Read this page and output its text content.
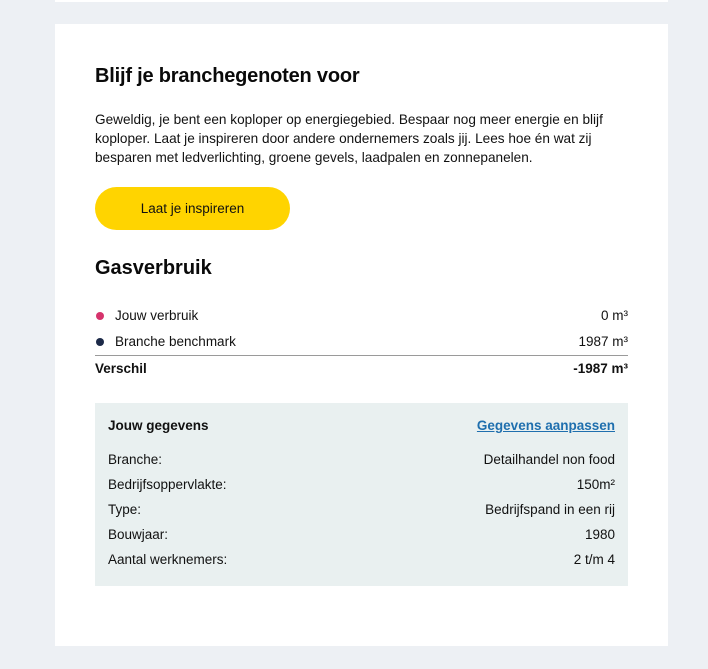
Blijf je branchegenoten voor

Geweldig, je bent een koploper op energiegebied. Bespaar nog meer energie en blijf koploper. Laat je inspireren door andere ondernemers zoals jij. Lees hoe én wat zij besparen met ledverlichting, groene gevels, laadpalen en zonnepanelen.

Laat je inspireren
Gasverbruik
Jouw verbruik	0 m³
Branche benchmark	1987 m³
Verschil	-1987 m³
Jouw gegevens	Gegevens aanpassen
Branche:	Detailhandel non food
Bedrijfsoppervlakte:	150m²
Type:	Bedrijfspand in een rij
Bouwjaar:	1980
Aantal werknemers:	2 t/m 4
